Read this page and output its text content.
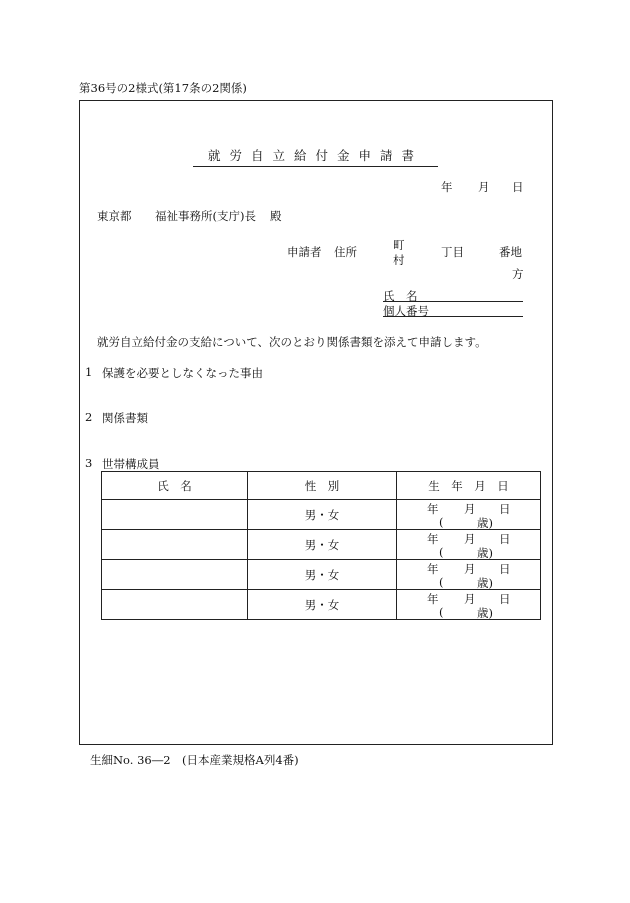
第36号の2様式(第17条の2関係)
就労自立給付金申請書
年 月 日
東京都 福祉事務所(支庁)長 殿
申請者 住所	町
村
丁目	番地
方
氏　名
個人番号
就労自立給付金の支給について、次のとおり関係書類を添えて申請します。
1 保護を必要としなくなった事由
2 関係書類
3 世帯構成員
氏　名	性　別	生　年　月　日
	男・女	年 月 日
( 歳)

	男・女	年 月 日
( 歳)

	男・女	年 月 日
( 歳)

	男・女	年 月 日
( 歳)
生細No. 36―2　(日本産業規格A列4番)
